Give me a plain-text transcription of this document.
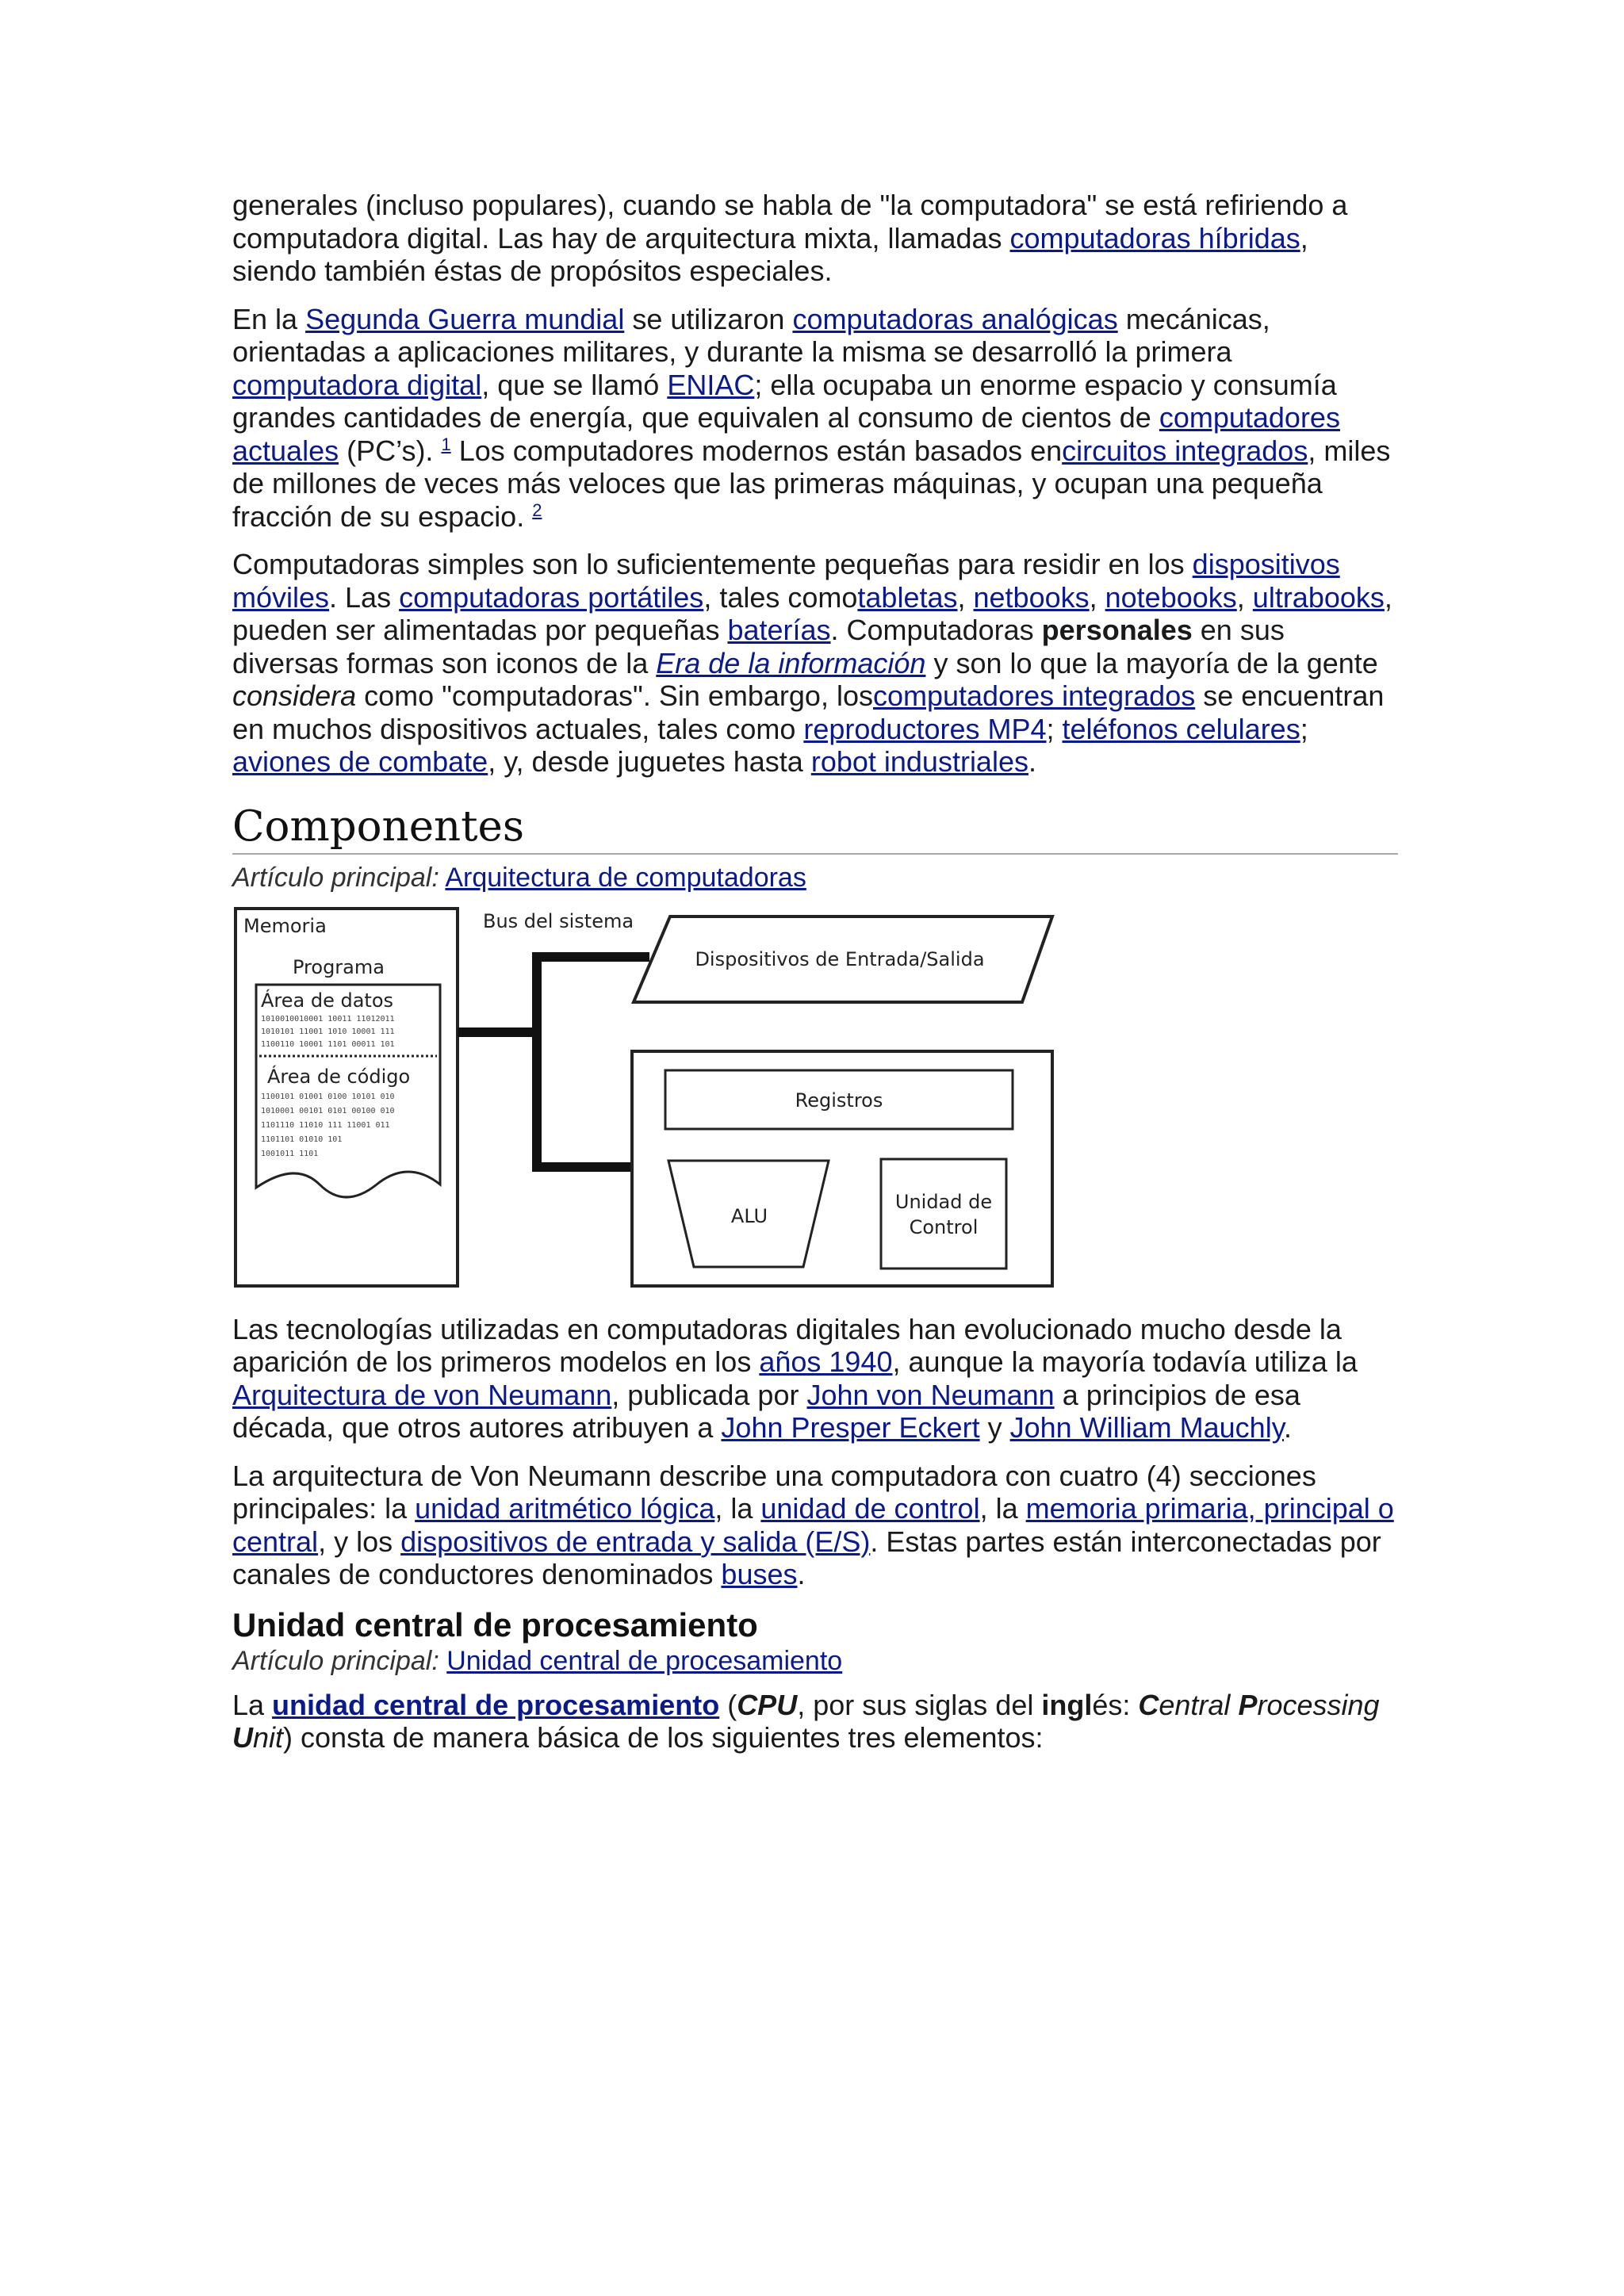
generales (incluso populares), cuando se habla de "la computadora" se está refiriendo a computadora digital. Las hay de arquitectura mixta, llamadas computadoras híbridas, siendo también éstas de propósitos especiales.

En la Segunda Guerra mundial se utilizaron computadoras analógicas mecánicas, orientadas a aplicaciones militares, y durante la misma se desarrolló la primera computadora digital, que se llamó ENIAC; ella ocupaba un enorme espacio y consumía grandes cantidades de energía, que equivalen al consumo de cientos de computadores actuales (PC’s). $^1$ Los computadores modernos están basados encircuitos integrados, miles de millones de veces más veloces que las primeras máquinas, y ocupan una pequeña fracción de su espacio. $^2$

Computadoras simples son lo suficientemente pequeñas para residir en los dispositivos móviles. Las computadoras portátiles, tales comotabletas, netbooks, notebooks, ultrabooks, pueden ser alimentadas por pequeñas baterías. Computadoras personales en sus diversas formas son iconos de la Era de la información y son lo que la mayoría de la gente considera como "computadoras". Sin embargo, loscomputadores integrados se encuentran en muchos dispositivos actuales, tales como reproductores MP4; teléfonos celulares; aviones de combate, y, desde juguetes hasta robot industriales.

Componentes
Artículo principal: Arquitectura de computadoras
Memoria
Programa
Área de datos
1010010010001 10011 11012011
1010101 11001 1010 10001 111
1100110 10001 1101 00011 101
Área de código
1100101 01001 0100 10101 010
1010001 00101 0101 00100 010
1101110 11010 111 11001 011
1101101 01010 101
1001011 1101
Bus del sistema
Dispositivos de Entrada/Salida
Registros
ALU
Unidad de
Control

Las tecnologías utilizadas en computadoras digitales han evolucionado mucho desde la aparición de los primeros modelos en los años 1940, aunque la mayoría todavía utiliza la Arquitectura de von Neumann, publicada por John von Neumann a principios de esa década, que otros autores atribuyen a John Presper Eckert y John William Mauchly.

La arquitectura de Von Neumann describe una computadora con cuatro (4) secciones principales: la unidad aritmético lógica, la unidad de control, la memoria primaria, principal o central, y los dispositivos de entrada y salida (E/S). Estas partes están interconectadas por canales de conductores denominados buses.

Unidad central de procesamiento
Artículo principal: Unidad central de procesamiento

La unidad central de procesamiento (CPU, por sus siglas del inglés: Central Processing Unit) consta de manera básica de los siguientes tres elementos:
